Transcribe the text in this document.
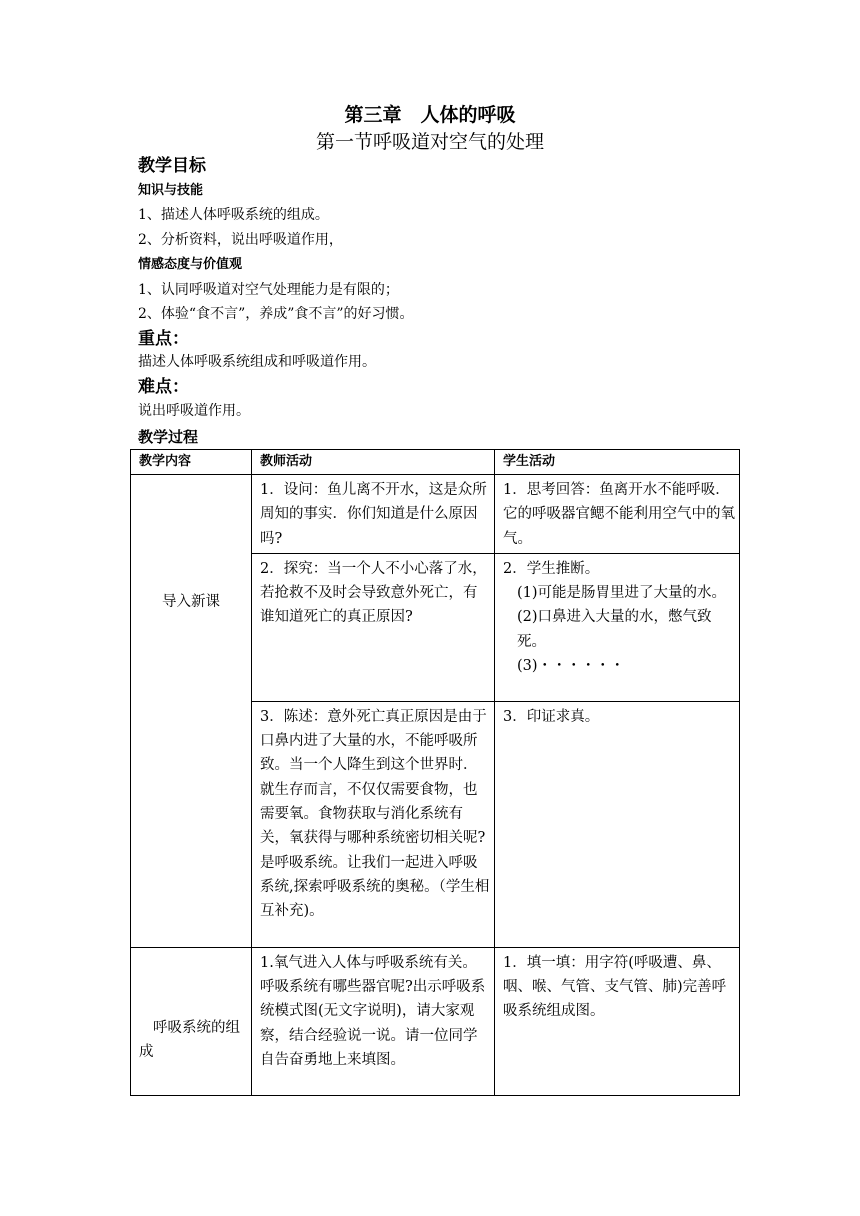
第三章　人体的呼吸
第一节呼吸道对空气的处理
教学目标
知识与技能
1、描述人体呼吸系统的组成。
2、分析资料，说出呼吸道作用，
情感态度与价值观
1、认同呼吸道对空气处理能力是有限的；
2、体验“食不言”，养成”食不言”的好习惯。
重点：
描述人体呼吸系统组成和呼吸道作用。
难点：
说出呼吸道作用。
教学过程
教学内容	教师活动	学生活动
导入新课	1．设问：鱼儿离不开水，这是众所周知的事实．你们知道是什么原因吗?	1．思考回答：鱼离开水不能呼吸．它的呼吸器官鳃不能利用空气中的氧气。

	2．探究：当一个人不小心落了水，若抢救不及时会导致意外死亡，有谁知道死亡的真正原因?	2．学生推断。
(1)可能是肠胃里进了大量的水。
(2)口鼻进入大量的水，憋气致死。
(3)・・・・・・

	3．陈述：意外死亡真正原因是由于口鼻内进了大量的水，不能呼吸所致。当一个人降生到这个世界时．就生存而言，不仅仅需要食物，也需要氧。食物获取与消化系统有关，氧获得与哪种系统密切相关呢?是呼吸系统。让我们一起进入呼吸系统,探索呼吸系统的奥秘。（学生相互补充)。	3．印证求真。

呼吸系统的组成	1.氧气进入人体与呼吸系统有关。呼吸系统有哪些器官呢?出示呼吸系统模式图(无文字说明)，请大家观察，结合经验说一说。请一位同学自告奋勇地上来填图。	1．填一填：用字符(呼吸遭、鼻、咽、喉、气管、支气管、肺)完善呼吸系统组成图。
